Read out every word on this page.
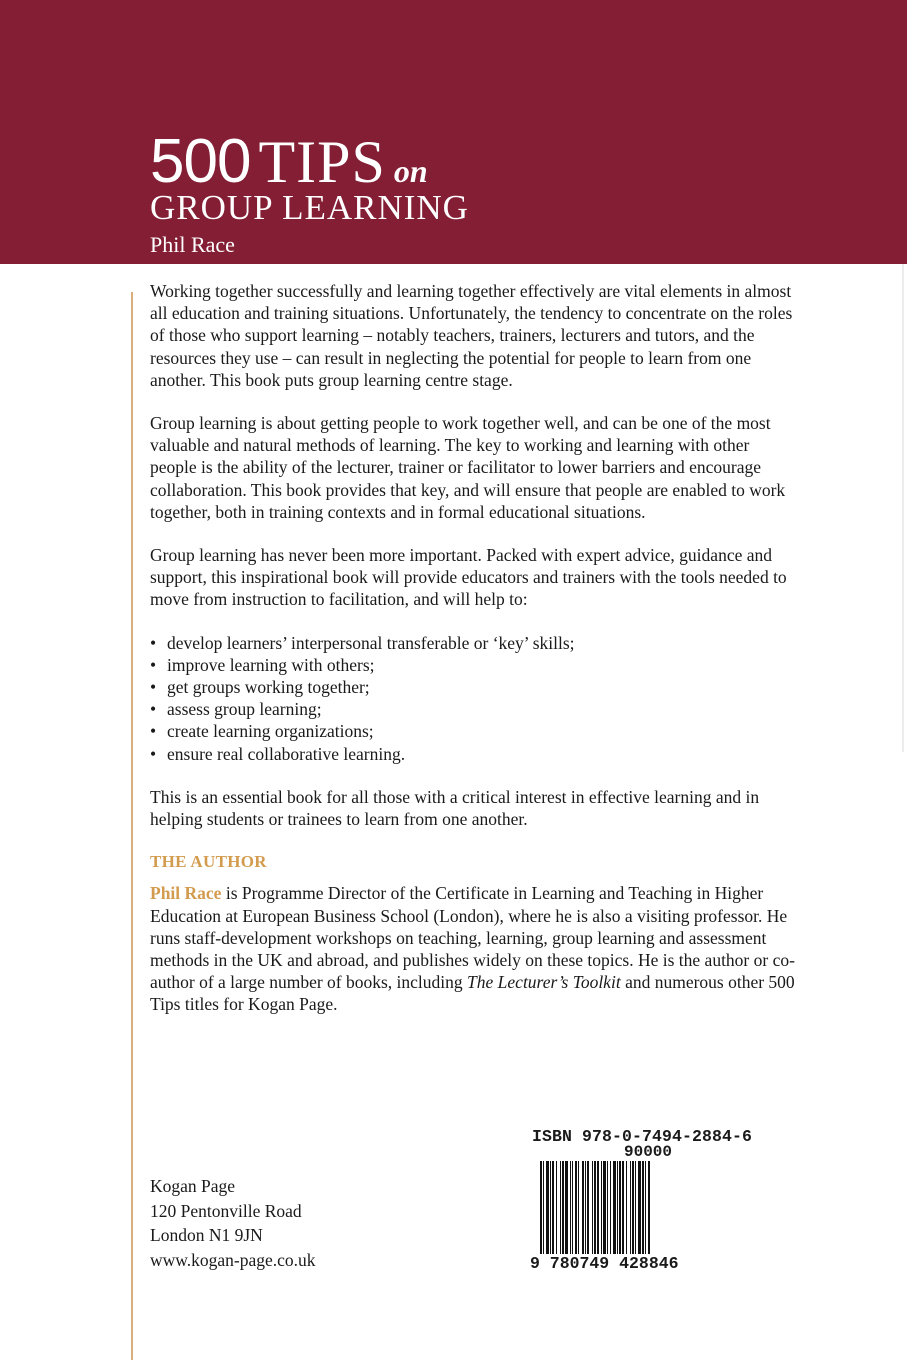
500 TIPS on
GROUP LEARNING
Phil Race

Working together successfully and learning together effectively are vital elements in almost all education and training situations. Unfortunately, the tendency to concentrate on the roles of those who support learning – notably teachers, trainers, lecturers and tutors, and the resources they use – can result in neglecting the potential for people to learn from one another. This book puts group learning centre stage.

Group learning is about getting people to work together well, and can be one of the most valuable and natural methods of learning. The key to working and learning with other people is the ability of the lecturer, trainer or facilitator to lower barriers and encourage collaboration. This book provides that key, and will ensure that people are enabled to work together, both in training contexts and in formal educational situations.

Group learning has never been more important. Packed with expert advice, guidance and support, this inspirational book will provide educators and trainers with the tools needed to move from instruction to facilitation, and will help to:

• develop learners’ interpersonal transferable or ‘key’ skills;
• improve learning with others;
• get groups working together;
• assess group learning;
• create learning organizations;
• ensure real collaborative learning.

This is an essential book for all those with a critical interest in effective learning and in helping students or trainees to learn from one another.

THE AUTHOR

Phil Race is Programme Director of the Certificate in Learning and Teaching in Higher Education at European Business School (London), where he is also a visiting professor. He runs staff-development workshops on teaching, learning, group learning and assessment methods in the UK and abroad, and publishes widely on these topics. He is the author or co-author of a large number of books, including The Lecturer’s Toolkit and numerous other 500 Tips titles for Kogan Page.

Kogan Page
120 Pentonville Road
London N1 9JN
www.kogan-page.co.uk
ISBN 978-0-7494-2884-6
90000
9 780749 428846
